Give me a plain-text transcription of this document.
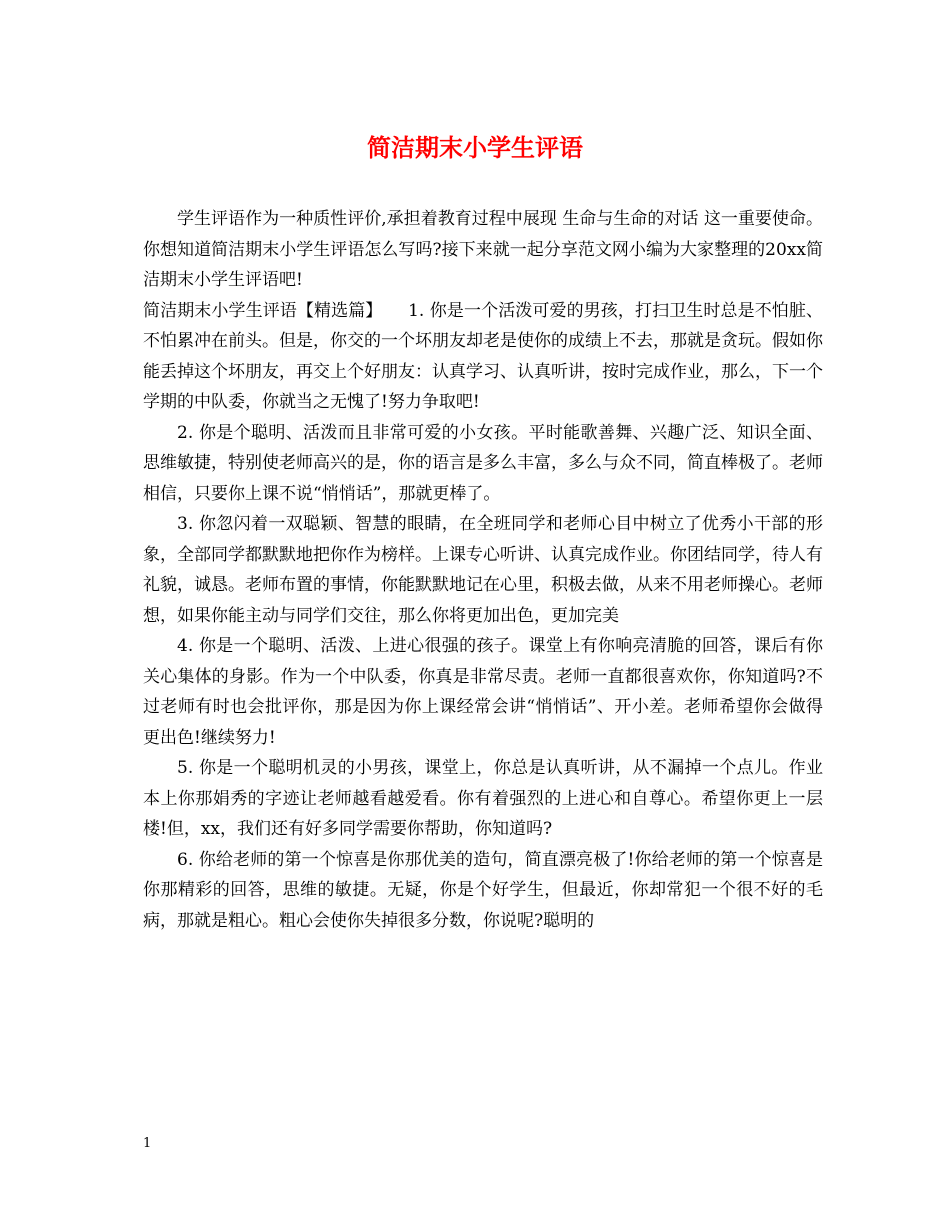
简洁期末小学生评语

学生评语作为一种质性评价,承担着教育过程中展现 生命与生命的对话 这一重要使命。你想知道简洁期末小学生评语怎么写吗?接下来就一起分享范文网小编为大家整理的20xx简洁期末小学生评语吧!

简洁期末小学生评语【精选篇】　　1. 你是一个活泼可爱的男孩，打扫卫生时总是不怕脏、不怕累冲在前头。但是，你交的一个坏朋友却老是使你的成绩上不去，那就是贪玩。假如你能丢掉这个坏朋友，再交上个好朋友：认真学习、认真听讲，按时完成作业，那么，下一个学期的中队委，你就当之无愧了!努力争取吧!

2. 你是个聪明、活泼而且非常可爱的小女孩。平时能歌善舞、兴趣广泛、知识全面、思维敏捷，特别使老师高兴的是，你的语言是多么丰富，多么与众不同，简直棒极了。老师相信，只要你上课不说“悄悄话”，那就更棒了。

3. 你忽闪着一双聪颖、智慧的眼睛，在全班同学和老师心目中树立了优秀小干部的形象，全部同学都默默地把你作为榜样。上课专心听讲、认真完成作业。你团结同学，待人有礼貌，诚恳。老师布置的事情，你能默默地记在心里，积极去做，从来不用老师操心。老师想，如果你能主动与同学们交往，那么你将更加出色，更加完美

4. 你是一个聪明、活泼、上进心很强的孩子。课堂上有你响亮清脆的回答，课后有你关心集体的身影。作为一个中队委，你真是非常尽责。老师一直都很喜欢你，你知道吗?不过老师有时也会批评你，那是因为你上课经常会讲“悄悄话”、开小差。老师希望你会做得更出色!继续努力!

5. 你是一个聪明机灵的小男孩，课堂上，你总是认真听讲，从不漏掉一个点儿。作业本上你那娟秀的字迹让老师越看越爱看。你有着强烈的上进心和自尊心。希望你更上一层楼!但，xx，我们还有好多同学需要你帮助，你知道吗?

6. 你给老师的第一个惊喜是你那优美的造句，简直漂亮极了!你给老师的第一个惊喜是你那精彩的回答，思维的敏捷。无疑，你是个好学生，但最近，你却常犯一个很不好的毛病，那就是粗心。粗心会使你失掉很多分数，你说呢?聪明的

1
